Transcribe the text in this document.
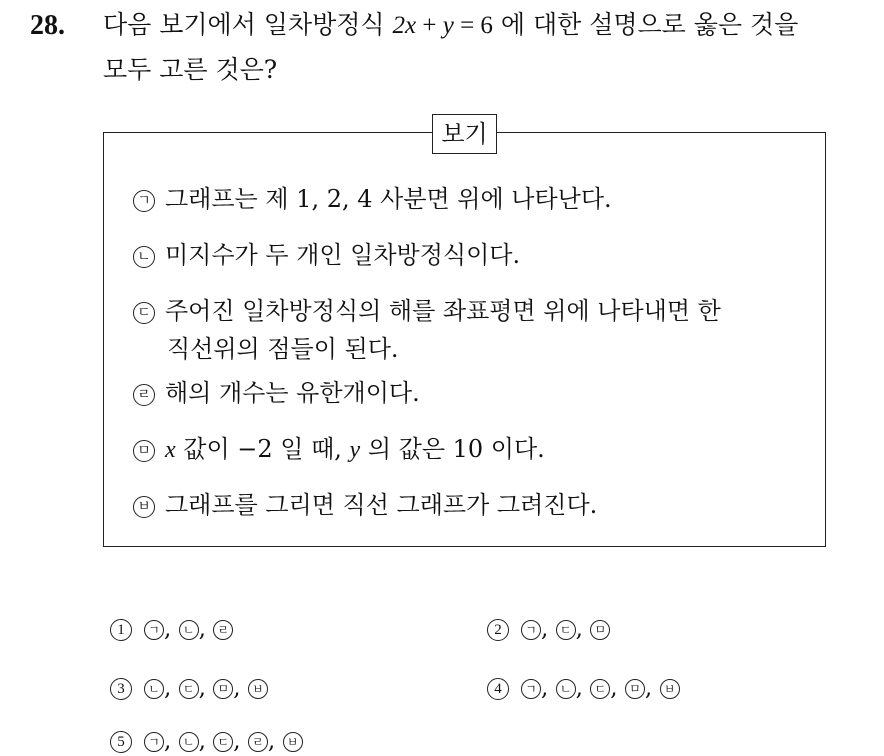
28. 다음 보기에서 일차방정식 2x + y = 6 에 대한 설명으로 옳은 것을
모두 고른 것은?
보기
ㄱ 그래프는 제 1, 2, 4 사분면 위에 나타난다.
ㄴ 미지수가 두 개인 일차방정식이다.
ㄷ 주어진 일차방정식의 해를 좌표평면 위에 나타내면 한
직선위의 점들이 된다.
ㄹ 해의 개수는 유한개이다.
ㅁ x 값이 −2 일 때, y 의 값은 10 이다.
ㅂ 그래프를 그리면 직선 그래프가 그려진다.
1 ㄱ , ㄴ , ㄹ	2 ㄱ , ㄷ , ㅁ
3 ㄴ , ㄷ , ㅁ , ㅂ	4 ㄱ , ㄴ , ㄷ , ㅁ , ㅂ
5 ㄱ , ㄴ , ㄷ , ㄹ , ㅂ
